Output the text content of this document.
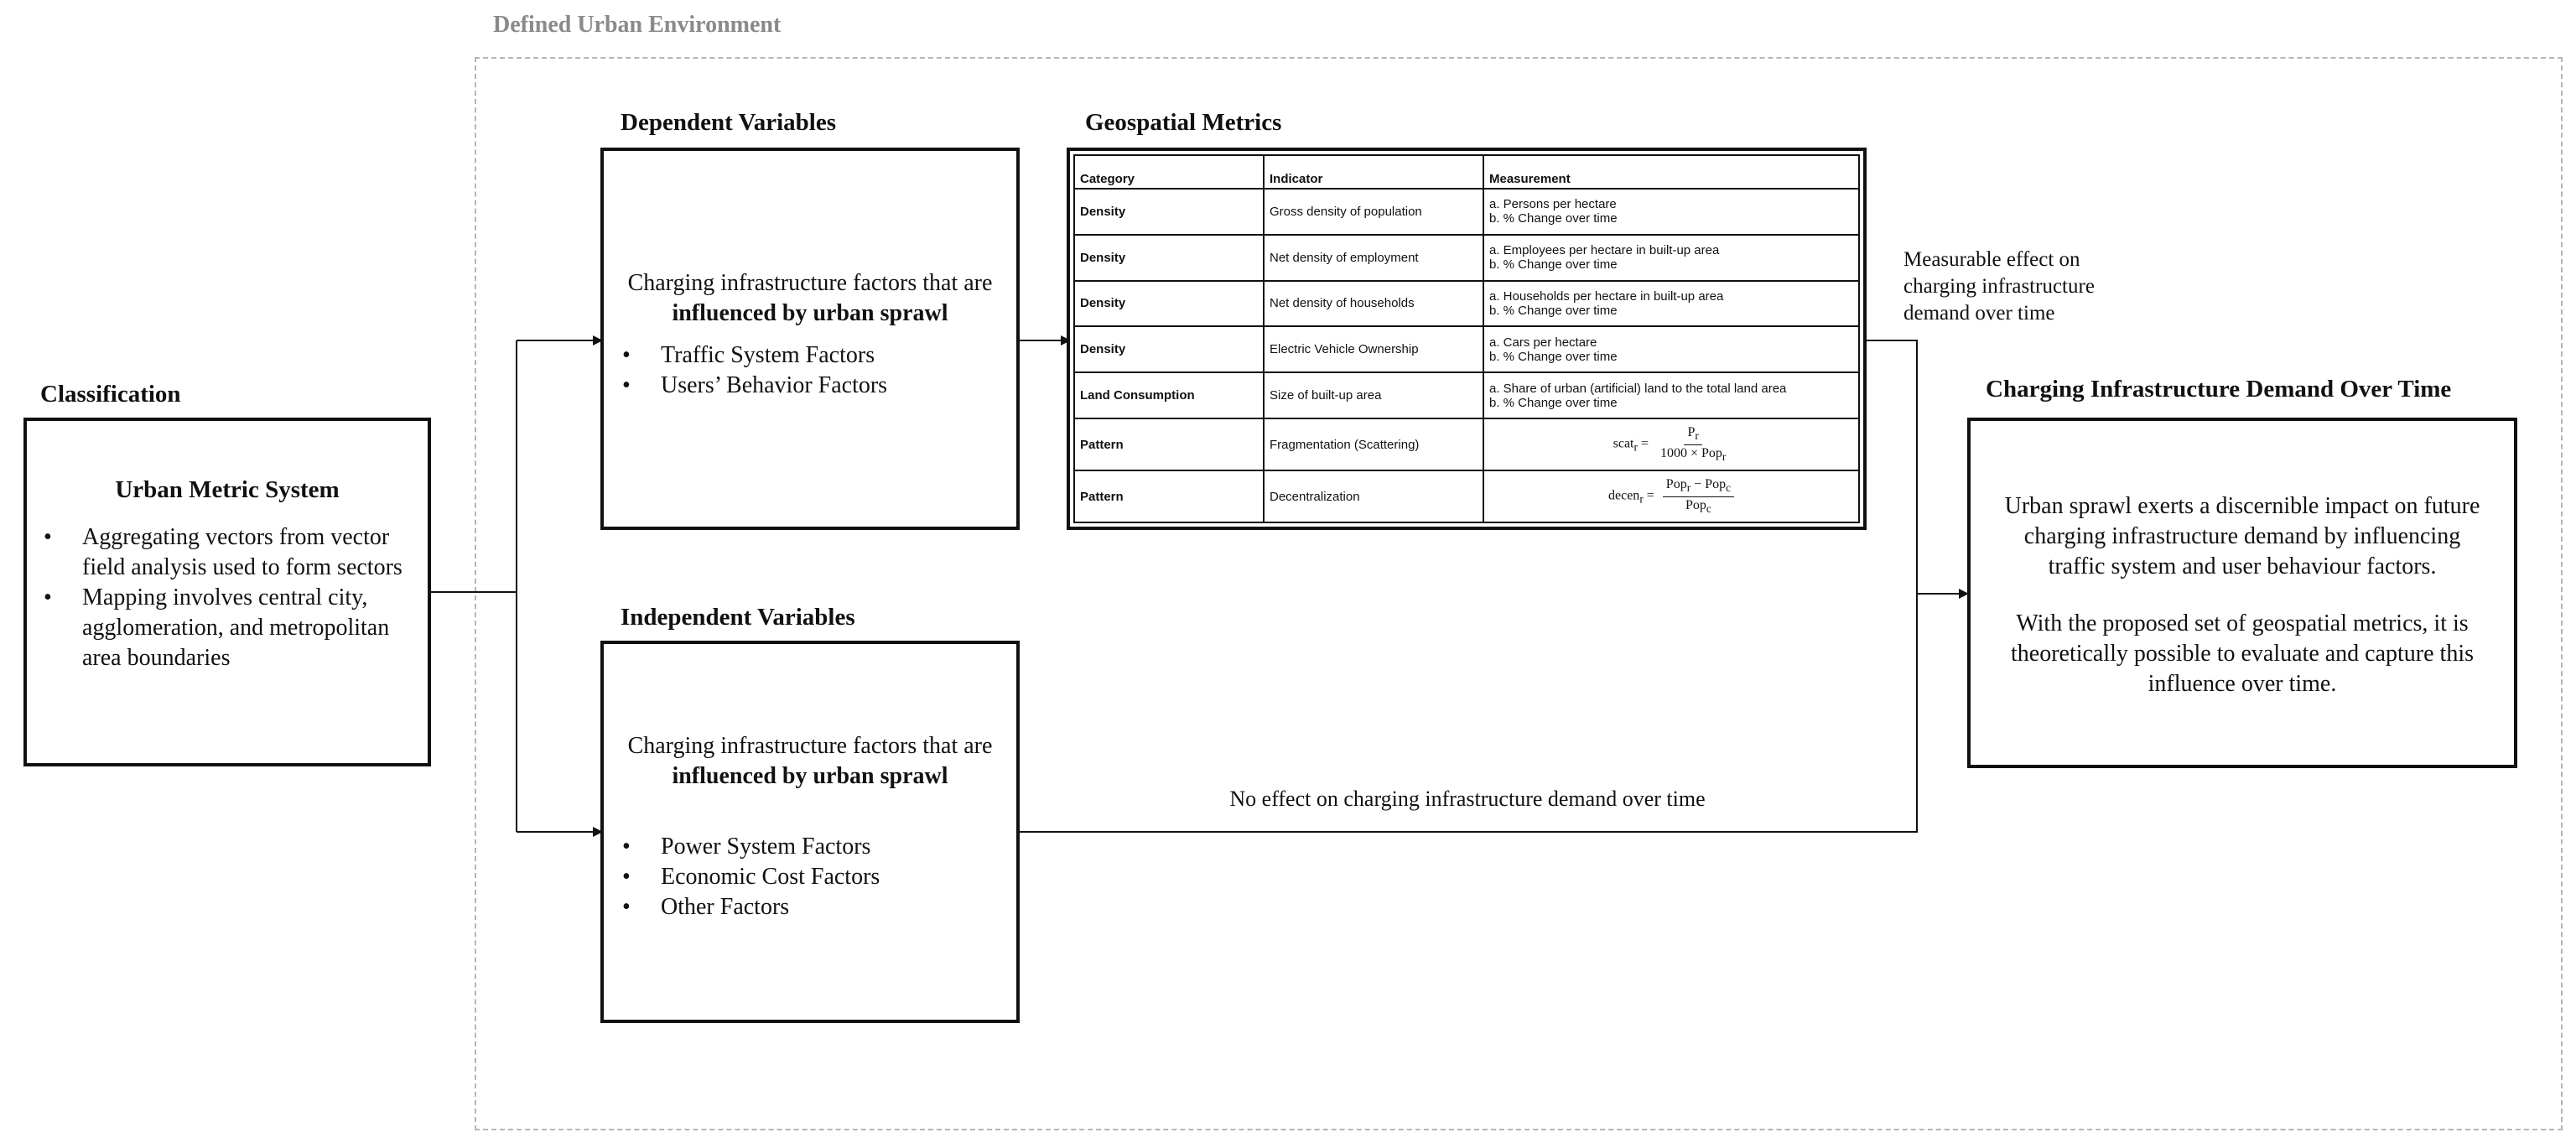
Defined Urban Environment
Classification
Urban Metric System
• Aggregating vectors from vector field analysis used to form sectors
• Mapping involves central city, agglomeration, and metropolitan area boundaries
Dependent Variables
Charging infrastructure factors that are influenced by urban sprawl
• Traffic System Factors
• Users’ Behavior Factors
Independent Variables
Charging infrastructure factors that are influenced by urban sprawl
• Power System Factors
• Economic Cost Factors
• Other Factors
Geospatial Metrics
Category	Indicator	Measurement
Density	Gross density of population	a. Persons per hectare
b. % Change over time

Density	Net density of employment	a. Employees per hectare in built-up area
b. % Change over time

Density	Net density of households	a. Households per hectare in built-up area
b. % Change over time

Density	Electric Vehicle Ownership	a. Cars per hectare
b. % Change over time

Land Consumption	Size of built-up area	a. Share of urban (artificial) land to the total land area
b. % Change over time

Pattern	Fragmentation (Scattering)	scat$_r$ = $\frac{P_r}{1000 \times Pop_r}$

Pattern	Decentralization	decen$_r$ = $\frac{Pop_r - Pop_c}{Pop_c}$
Measurable effect on
charging infrastructure
demand over time
No effect on charging infrastructure demand over time
Charging Infrastructure Demand Over Time
Urban sprawl exerts a discernible impact on future charging infrastructure demand by influencing traffic system and user behaviour factors.
With the proposed set of geospatial metrics, it is theoretically possible to evaluate and capture this influence over time.
